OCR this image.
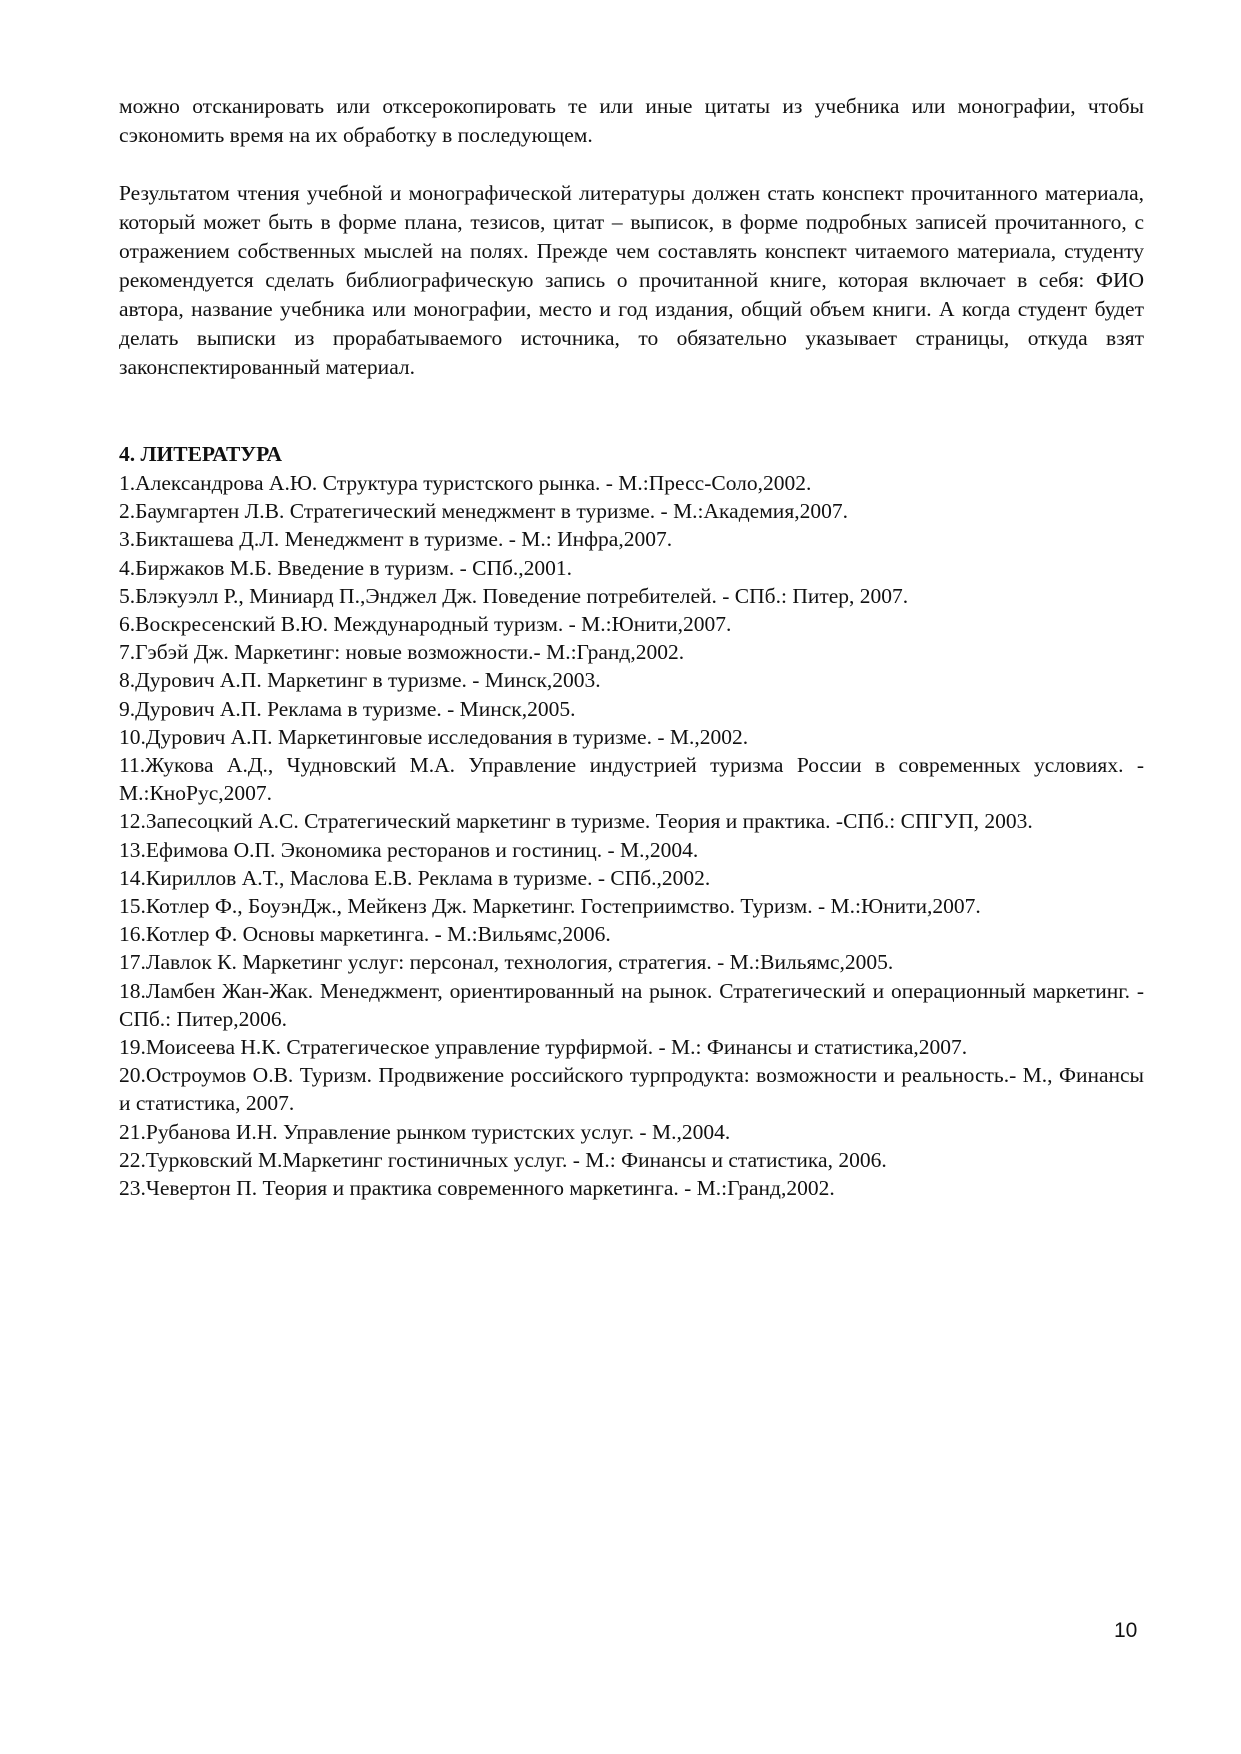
можно отсканировать или откcерокопировать те или иные цитаты из учебника или монографии, чтобы сэкономить время на их обработку в последующем.

Результатом чтения учебной и монографической литературы должен стать конспект прочитанного материала, который может быть в форме плана, тезисов, цитат – выписок, в форме подробных записей прочитанного, с отражением собственных мыслей на полях. Прежде чем составлять конспект читаемого материала, студенту рекомендуется сделать библиографическую запись о прочитанной книге, которая включает в себя: ФИО автора, название учебника или монографии, место и год издания, общий объем книги. А когда студент будет делать выписки из прорабатываемого источника, то обязательно указывает страницы, откуда взят законспектированный материал.

4. ЛИТЕРАТУРА
1.Александрова А.Ю. Структура туристского рынка. - М.:Пресс-Соло,2002.
2.Баумгартен Л.В. Стратегический менеджмент в туризме. - М.:Академия,2007.
3.Бикташева Д.Л. Менеджмент в туризме. - М.: Инфра,2007.
4.Биржаков М.Б. Введение в туризм. - СПб.,2001.
5.Блэкуэлл Р., Миниард П.,Энджел Дж. Поведение потребителей. - СПб.: Питер, 2007.
6.Воскресенский В.Ю. Международный туризм. - М.:Юнити,2007.
7.Гэбэй Дж. Маркетинг: новые возможности.- М.:Гранд,2002.
8.Дурович А.П. Маркетинг в туризме. - Минск,2003.
9.Дурович А.П. Реклама в туризме. - Минск,2005.
10.Дурович А.П. Маркетинговые исследования в туризме. - М.,2002.
11.Жукова А.Д., Чудновский М.А. Управление индустрией туризма России в современных условиях. - М.:КноРус,2007.
12.Запесоцкий А.С. Стратегический маркетинг в туризме. Теория и практика. -СПб.: СПГУП, 2003.
13.Ефимова О.П. Экономика ресторанов и гостиниц. - М.,2004.
14.Кириллов А.Т., Маслова Е.В. Реклама в туризме. - СПб.,2002.
15.Котлер Ф., БоуэнДж., Мейкенз Дж. Маркетинг. Гостеприимство. Туризм. - М.:Юнити,2007.
16.Котлер Ф. Основы маркетинга. - М.:Вильямс,2006.
17.Лавлок К. Маркетинг услуг: персонал, технология, стратегия. - М.:Вильямс,2005.
18.Ламбен Жан-Жак. Менеджмент, ориентированный на рынок. Стратегический и операционный маркетинг. - СПб.: Питер,2006.
19.Моисеева Н.К. Стратегическое управление турфирмой. - М.: Финансы и статистика,2007.
20.Остроумов О.В. Туризм. Продвижение российского турпродукта: возможности и реальность.- М., Финансы и статистика, 2007.
21.Рубанова И.Н. Управление рынком туристских услуг. - М.,2004.
22.Турковский М.Маркетинг гостиничных услуг. - М.: Финансы и статистика, 2006.
23.Чевертон П. Теория и практика современного маркетинга. - М.:Гранд,2002.
10
